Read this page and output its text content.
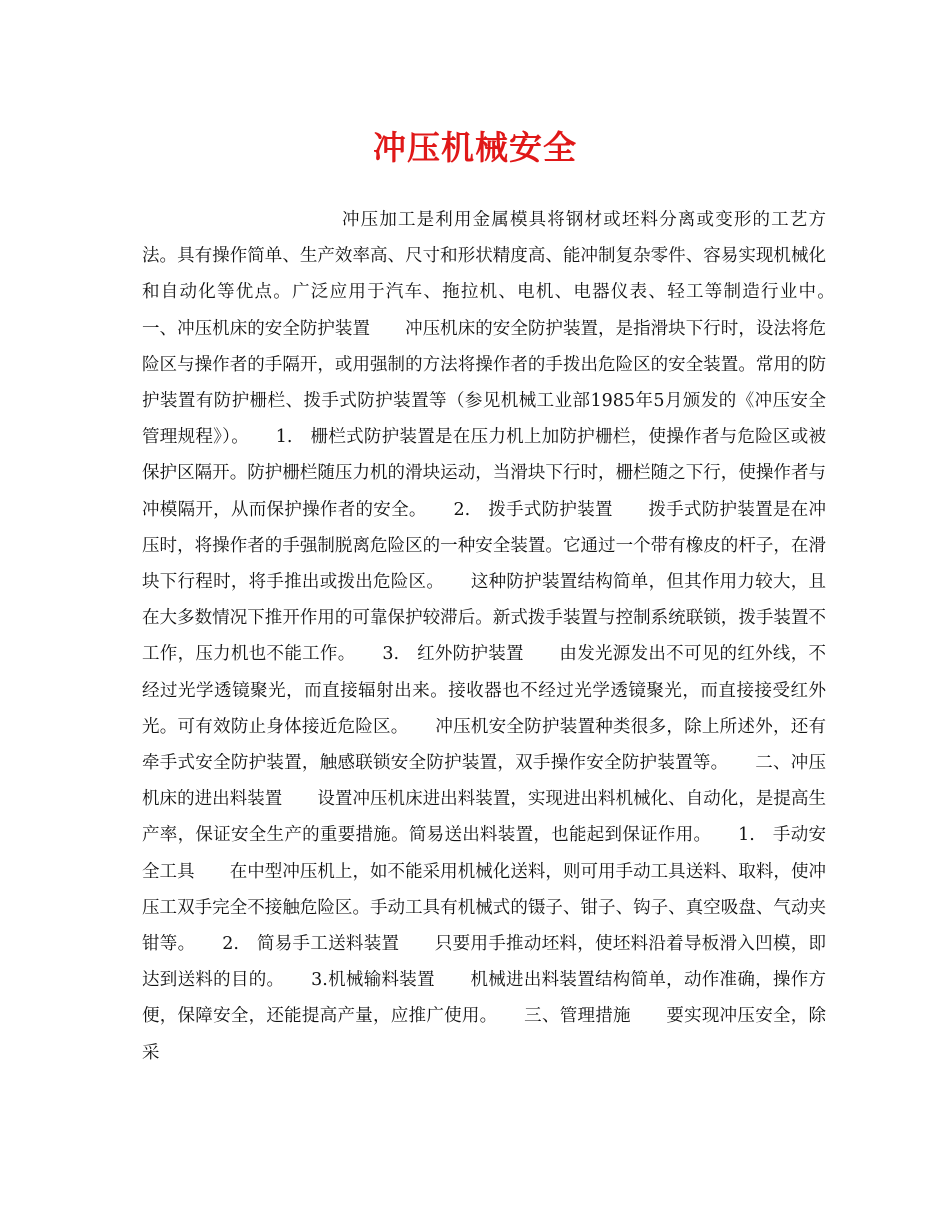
冲压机械安全

冲压加工是利用金属模具将钢材或坯料分离或变形的工艺方法。具有操作简单、生产效率高、尺寸和形状精度高、能冲制复杂零件、容易实现机械化和自动化等优点。广泛应用于汽车、拖拉机、电机、电器仪表、轻工等制造行业中。　　一、冲压机床的安全防护装置　　冲压机床的安全防护装置，是指滑块下行时，设法将危险区与操作者的手隔开，或用强制的方法将操作者的手拨出危险区的安全装置。常用的防护装置有防护栅栏、拨手式防护装置等（参见机械工业部1985年5月颁发的《冲压安全管理规程》）。　　1.　栅栏式防护装置是在压力机上加防护栅栏，使操作者与危险区或被保护区隔开。防护栅栏随压力机的滑块运动，当滑块下行时，栅栏随之下行，使操作者与冲模隔开，从而保护操作者的安全。　　2.　拨手式防护装置　　拨手式防护装置是在冲压时，将操作者的手强制脱离危险区的一种安全装置。它通过一个带有橡皮的杆子，在滑块下行程时，将手推出或拨出危险区。　　这种防护装置结构简单，但其作用力较大，且在大多数情况下推开作用的可靠保护较滞后。新式拨手装置与控制系统联锁，拨手装置不工作，压力机也不能工作。　　3.　红外防护装置　　由发光源发出不可见的红外线，不经过光学透镜聚光，而直接辐射出来。接收器也不经过光学透镜聚光，而直接接受红外光。可有效防止身体接近危险区。　　冲压机安全防护装置种类很多，除上所述外，还有牵手式安全防护装置，触感联锁安全防护装置，双手操作安全防护装置等。　　二、冲压机床的进出料装置　　设置冲压机床进出料装置，实现进出料机械化、自动化，是提高生产率，保证安全生产的重要措施。简易送出料装置，也能起到保证作用。　　1.　手动安全工具　　在中型冲压机上，如不能采用机械化送料，则可用手动工具送料、取料，使冲压工双手完全不接触危险区。手动工具有机械式的镊子、钳子、钩子、真空吸盘、气动夹钳等。　　2.　简易手工送料装置　　只要用手推动坯料，使坯料沿着导板滑入凹模，即达到送料的目的。　　3.机械输料装置　　机械进出料装置结构简单，动作准确，操作方便，保障安全，还能提高产量，应推广使用。　　三、管理措施　　要实现冲压安全，除采
